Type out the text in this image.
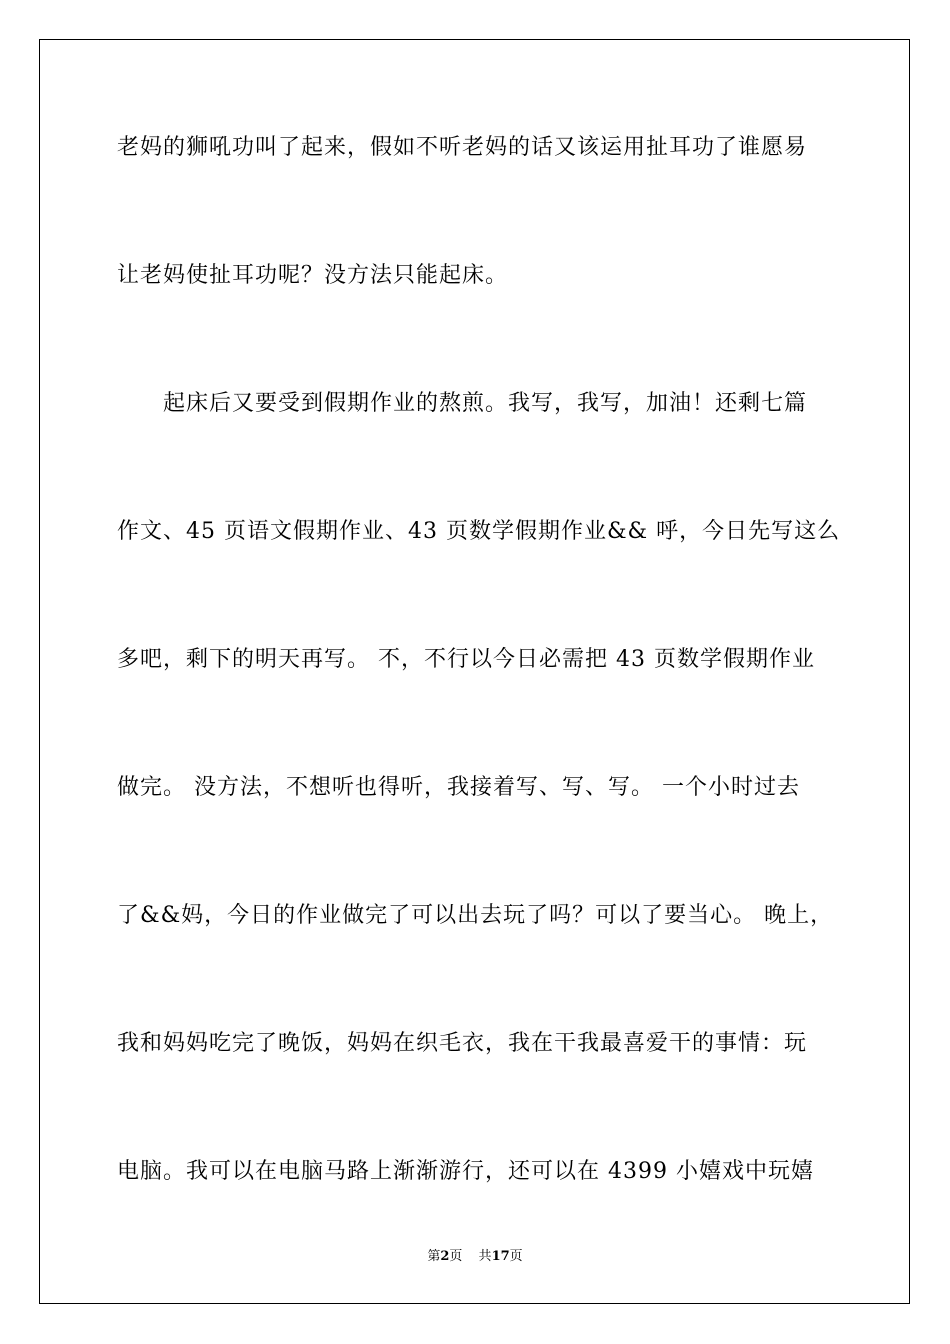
老妈的狮吼功叫了起来，假如不听老妈的话又该运用扯耳功了谁愿易
让老妈使扯耳功呢？没方法只能起床。
起床后又要受到假期作业的熬煎。我写，我写，加油！还剩七篇
作文、45 页语文假期作业、43 页数学假期作业&& 呼，今日先写这么
多吧，剩下的明天再写。 不，不行以今日必需把 43 页数学假期作业
做完。 没方法，不想听也得听，我接着写、写、写。 一个小时过去
了&&妈，今日的作业做完了可以出去玩了吗？可以了要当心。 晚上，
我和妈妈吃完了晚饭，妈妈在织毛衣，我在干我最喜爱干的事情：玩
电脑。我可以在电脑马路上渐渐游行，还可以在 4399 小嬉戏中玩嬉
第2页 共17页
